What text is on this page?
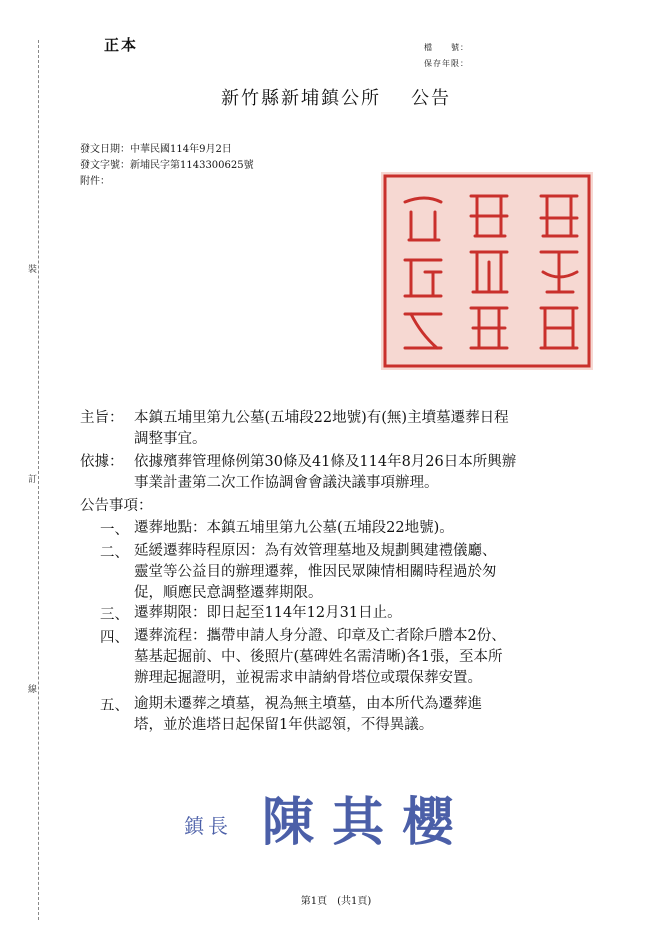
正本	檔　　號：
保存年限：
新竹縣新埔鎮公所 公告
發文日期：中華民國114年9月2日
發文字號：新埔民字第1143300625號
附件：
裝
訂
線
主旨： 本鎮五埔里第九公墓(五埔段22地號)有(無)主墳墓遷葬日程
調整事宜。
依據： 依據殯葬管理條例第30條及41條及114年8月26日本所興辦
事業計畫第二次工作協調會會議決議事項辦理。
公告事項：
一、 遷葬地點：本鎮五埔里第九公墓(五埔段22地號)。
二、 延緩遷葬時程原因：為有效管理墓地及規劃興建禮儀廳、
靈堂等公益目的辦理遷葬，惟因民眾陳情相關時程過於匆
促，順應民意調整遷葬期限。
三、 遷葬期限：即日起至114年12月31日止。
四、 遷葬流程：攜帶申請人身分證、印章及亡者除戶謄本2份、
墓基起掘前、中、後照片(墓碑姓名需清晰)各1張，至本所
辦理起掘證明，並視需求申請納骨塔位或環保葬安置。
五、 逾期未遷葬之墳墓，視為無主墳墓，由本所代為遷葬進
塔，並於進塔日起保留1年供認領，不得異議。
鎮長 陳其櫻
第1頁　(共1頁)
